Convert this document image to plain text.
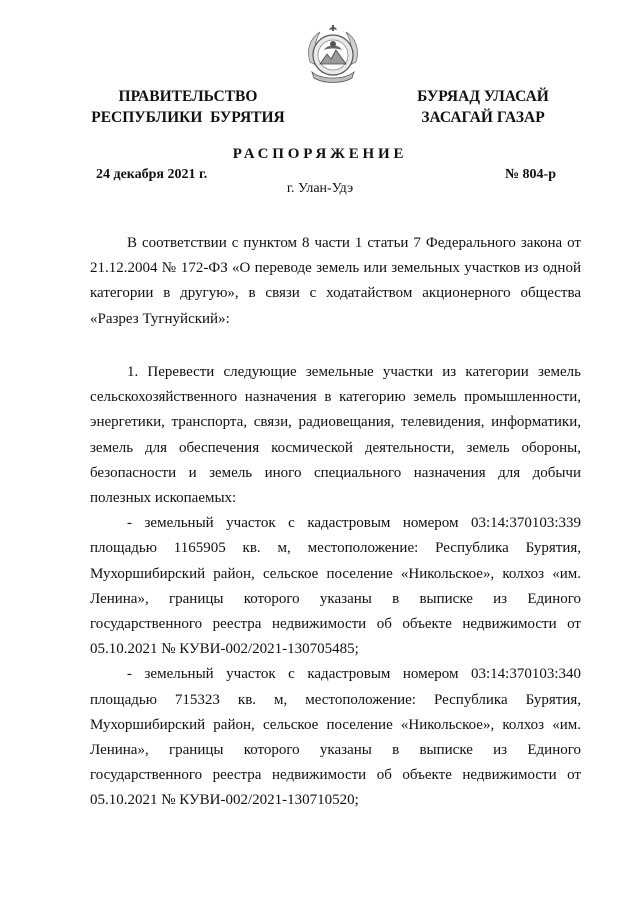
ПРАВИТЕЛЬСТВО
РЕСПУБЛИКИ  БУРЯТИЯ
БУРЯАД УЛАСАЙ
ЗАСАГАЙ ГАЗАР
РАСПОРЯЖЕНИЕ
24 декабря 2021 г.	№ 804-р
г. Улан-Удэ

В соответствии с пунктом 8 части 1 статьи 7 Федерального закона от 21.12.2004 № 172-ФЗ «О переводе земель или земельных участков из одной категории в другую», в связи с ходатайством акционерного общества «Разрез Тугнуйский»:

1. Перевести следующие земельные участки из категории земель сельскохозяйственного назначения в категорию земель промышленности, энергетики, транспорта, связи, радиовещания, телевидения, информатики, земель для обеспечения космической деятельности, земель обороны, безопасности и земель иного специального назначения для добычи полезных ископаемых:

- земельный участок с кадастровым номером 03:14:370103:339 площадью 1165905 кв. м, местоположение: Республика Бурятия, Мухоршибирский район, сельское поселение «Никольское», колхоз «им. Ленина», границы которого указаны в выписке из Единого государственного реестра недвижимости об объекте недвижимости от 05.10.2021 № КУВИ-002/2021-130705485;

- земельный участок с кадастровым номером 03:14:370103:340 площадью 715323 кв. м, местоположение: Республика Бурятия, Мухоршибирский район, сельское поселение «Никольское», колхоз «им. Ленина», границы которого указаны в выписке из Единого государственного реестра недвижимости об объекте недвижимости от 05.10.2021 № КУВИ-002/2021-130710520;
